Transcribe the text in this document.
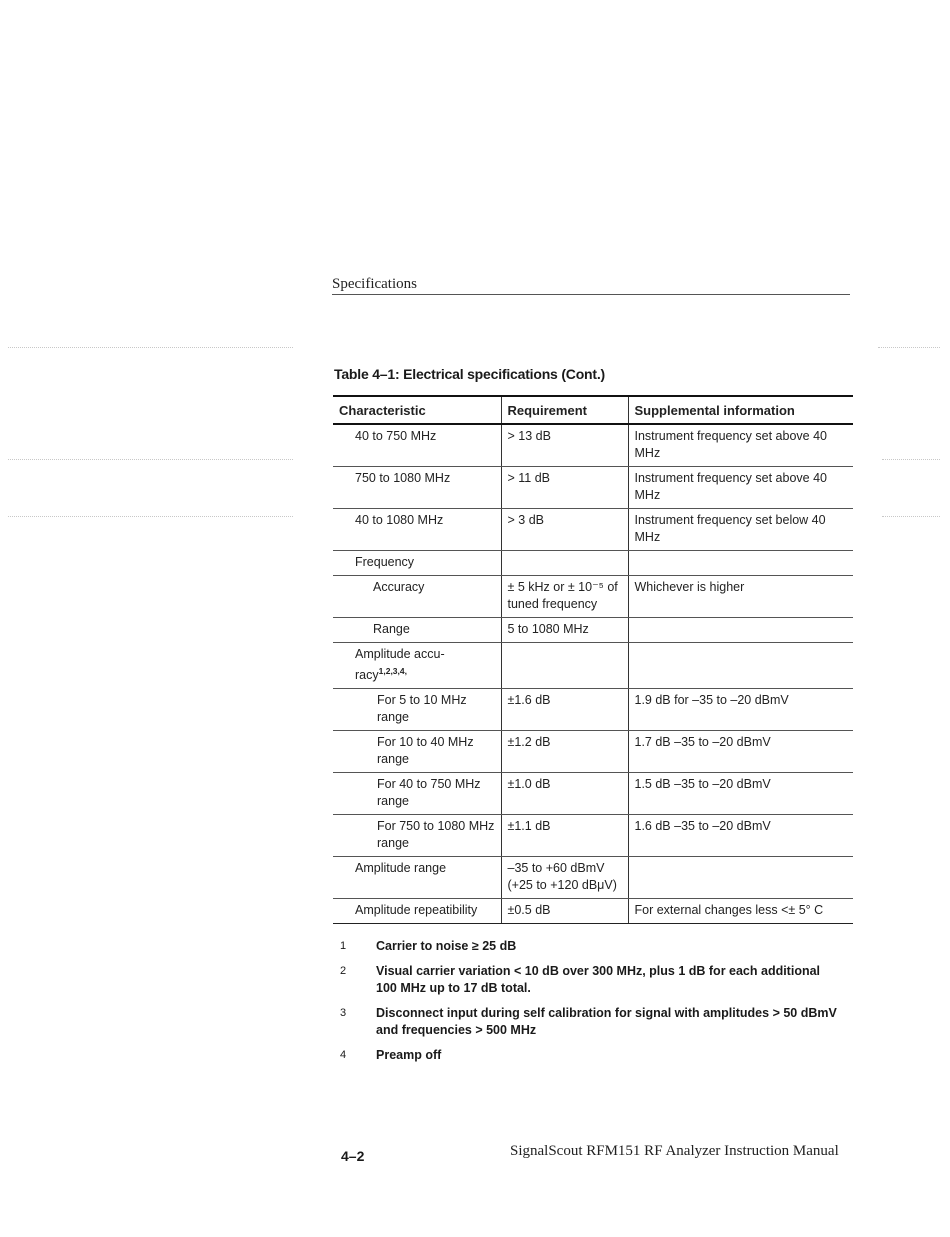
Specifications
Table 4–1: Electrical specifications (Cont.)
Characteristic	Requirement	Supplemental information
40 to 750 MHz	> 13 dB	Instrument frequency set above 40 MHz
750 to 1080 MHz	> 11 dB	Instrument frequency set above 40 MHz
40 to 1080 MHz	> 3 dB	Instrument frequency set below 40 MHz
Frequency		
Accuracy	± 5 kHz or ± 10⁻⁵ of tuned frequency	Whichever is higher
Range	5 to 1080 MHz	
Amplitude accu-racy$^{1,2,3,4,}$		
For 5 to 10 MHz range	±1.6 dB	1.9 dB for –35 to –20 dBmV
For 10 to 40 MHz range	±1.2 dB	1.7 dB –35 to –20 dBmV
For 40 to 750 MHz range	±1.0 dB	1.5 dB –35 to –20 dBmV
For 750 to 1080 MHz range	±1.1 dB	1.6 dB –35 to –20 dBmV
Amplitude range	–35 to +60 dBmV (+25 to +120 dBμV)	
Amplitude repeatibility	±0.5 dB	For external changes less <± 5° C
1	Carrier to noise ≥ 25 dB
2	Visual carrier variation < 10 dB over 300 MHz, plus 1 dB for each additional 100 MHz up to 17 dB total.
3	Disconnect input during self calibration for signal with amplitudes > 50 dBmV and frequencies > 500 MHz
4	Preamp off
4–2	SignalScout RFM151 RF Analyzer Instruction Manual
